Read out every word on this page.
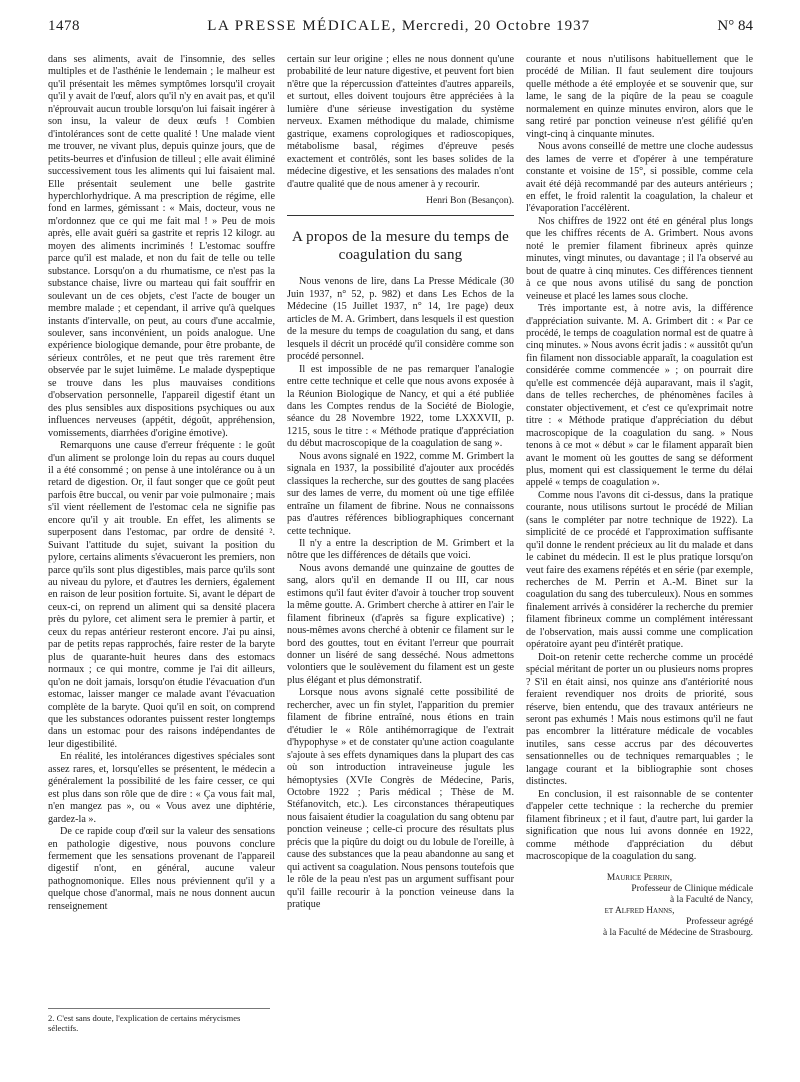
1478	LA PRESSE MÉDICALE, Mercredi, 20 Octobre 1937	N° 84

dans ses aliments, avait de l'insomnie, des selles multiples et de l'asthénie le lendemain ; le malheur est qu'il présentait les mêmes symptômes lorsqu'il croyait qu'il y avait de l'œuf, alors qu'il n'y en avait pas, et qu'il n'éprouvait aucun trouble lorsqu'on lui faisait ingérer à son insu, la valeur de deux œufs ! Combien d'intolérances sont de cette qualité ! Une malade vient me trouver, ne vivant plus, depuis quinze jours, que de petits-beurres et d'infusion de tilleul ; elle avait éliminé successivement tous les aliments qui lui faisaient mal. Elle présentait seulement une belle gastrite hyperchlorhydrique. A ma prescription de régime, elle fond en larmes, gémissant : « Mais, docteur, vous ne m'ordonnez que ce qui me fait mal ! » Peu de mois après, elle avait guéri sa gastrite et repris 12 kilogr. au moyen des aliments incriminés ! L'estomac souffre parce qu'il est malade, et non du fait de telle ou telle substance. Lorsqu'on a du rhumatisme, ce n'est pas la substance chaise, livre ou marteau qui fait souffrir en soulevant un de ces objets, c'est l'acte de bouger un membre malade ; et cependant, il arrive qu'à quelques instants d'intervalle, on peut, au cours d'une accalmie, soulever, sans inconvénient, un poids analogue. Une expérience biologique demande, pour être probante, de sérieux contrôles, et ne peut que très rarement être observée par le sujet luimême. Le malade dyspeptique se trouve dans les plus mauvaises conditions d'observation personnelle, l'appareil digestif étant un des plus sensibles aux dispositions psychiques ou aux influences nerveuses (appétit, dégoût, appréhension, vomissements, diarrhées d'origine émotive).

Remarquons une cause d'erreur fréquente : le goût d'un aliment se prolonge loin du repas au cours duquel il a été consommé ; on pense à une intolérance ou à un retard de digestion. Or, il faut songer que ce goût peut parfois être buccal, ou venir par voie pulmonaire ; mais s'il vient réellement de l'estomac cela ne signifie pas encore qu'il y ait trouble. En effet, les aliments se superposent dans l'estomac, par ordre de densité ². Suivant l'attitude du sujet, suivant la position du pylore, certains aliments s'évacueront les premiers, non parce qu'ils sont plus digestibles, mais parce qu'ils sont au niveau du pylore, et d'autres les derniers, également en raison de leur position fortuite. Si, avant le départ de ceux-ci, on reprend un aliment qui sa densité placera près du pylore, cet aliment sera le premier à partir, et ceux du repas antérieur resteront encore. J'ai pu ainsi, par de petits repas rapprochés, faire rester de la baryte plus de quarante-huit heures dans des estomacs normaux ; ce qui montre, comme je l'ai dit ailleurs, qu'on ne doit jamais, lorsqu'on étudie l'évacuation d'un estomac, laisser manger ce malade avant l'évacuation complète de la baryte. Quoi qu'il en soit, on comprend que les substances odorantes puissent rester longtemps dans un estomac pour des raisons indépendantes de leur digestibilité.

En réalité, les intolérances digestives spéciales sont assez rares, et, lorsqu'elles se présentent, le médecin a généralement la possibilité de les faire cesser, ce qui est plus dans son rôle que de dire : « Ça vous fait mal, n'en mangez pas », ou « Vous avez une diphtérie, gardez-la ».

De ce rapide coup d'œil sur la valeur des sensations en pathologie digestive, nous pouvons conclure fermement que les sensations provenant de l'appareil digestif n'ont, en général, aucune valeur pathognomonique. Elles nous préviennent qu'il y a quelque chose d'anormal, mais ne nous donnent aucun renseignement

certain sur leur origine ; elles ne nous donnent qu'une probabilité de leur nature digestive, et peuvent fort bien n'être que la répercussion d'atteintes d'autres appareils, et surtout, elles doivent toujours être appréciées à la lumière d'une sérieuse investigation du système nerveux. Examen méthodique du malade, chimisme gastrique, examens coprologiques et radioscopiques, métabolisme basal, régimes d'épreuve pesés exactement et contrôlés, sont les bases solides de la médecine digestive, et les sensations des malades n'ont d'autre qualité que de nous amener à y recourir.

Henri Bon (Besançon).
A propos de la mesure du temps de coagulation du sang

Nous venons de lire, dans La Presse Médicale (30 Juin 1937, n° 52, p. 982) et dans Les Echos de la Médecine (15 Juillet 1937, n° 14, 1re page) deux articles de M. A. Grimbert, dans lesquels il est question de la mesure du temps de coagulation du sang, et dans lesquels il décrit un procédé qu'il considère comme son procédé personnel.

Il est impossible de ne pas remarquer l'analogie entre cette technique et celle que nous avons exposée à la Réunion Biologique de Nancy, et qui a été publiée dans les Comptes rendus de la Société de Biologie, séance du 28 Novembre 1922, tome LXXXVII, p. 1215, sous le titre : « Méthode pratique d'appréciation du début macroscopique de la coagulation de sang ».

Nous avons signalé en 1922, comme M. Grimbert la signala en 1937, la possibilité d'ajouter aux procédés classiques la recherche, sur des gouttes de sang placées sur des lames de verre, du moment où une tige effilée entraîne un filament de fibrine. Nous ne connaissons pas d'autres références bibliographiques concernant cette technique.

Il n'y a entre la description de M. Grimbert et la nôtre que les différences de détails que voici.

Nous avons demandé une quinzaine de gouttes de sang, alors qu'il en demande II ou III, car nous estimons qu'il faut éviter d'avoir à toucher trop souvent la même goutte. A. Grimbert cherche à attirer en l'air le filament fibrineux (d'après sa figure explicative) ; nous-mêmes avons cherché à obtenir ce filament sur le bord des gouttes, tout en évitant l'erreur que pourrait donner un liséré de sang desséché. Nous admettons volontiers que le soulèvement du filament est un geste plus élégant et plus démonstratif.

Lorsque nous avons signalé cette possibilité de rechercher, avec un fin stylet, l'apparition du premier filament de fibrine entraîné, nous étions en train d'étudier le « Rôle antihémorragique de l'extrait d'hypophyse » et de constater qu'une action coagulante s'ajoute à ses effets dynamiques dans la plupart des cas où son introduction intraveineuse jugule les hémoptysies (XVIe Congrès de Médecine, Paris, Octobre 1922 ; Paris médical ; Thèse de M. Stéfanovitch, etc.). Les circonstances thérapeutiques nous faisaient étudier la coagulation du sang obtenu par ponction veineuse ; celle-ci procure des résultats plus précis que la piqûre du doigt ou du lobule de l'oreille, à cause des substances que la peau abandonne au sang et qui activent sa coagulation. Nous pensons toutefois que le rôle de la peau n'est pas un argument suffisant pour qu'il faille recourir à la ponction veineuse dans la pratique

courante et nous n'utilisons habituellement que le procédé de Milian. Il faut seulement dire toujours quelle méthode a été employée et se souvenir que, sur lame, le sang de la piqûre de la peau se coagule normalement en quinze minutes environ, alors que le sang retiré par ponction veineuse n'est gélifié qu'en vingt-cinq à cinquante minutes.

Nous avons conseillé de mettre une cloche audessus des lames de verre et d'opérer à une température constante et voisine de 15°, si possible, comme cela avait été déjà recommandé par des auteurs antérieurs ; en effet, le froid ralentit la coagulation, la chaleur et l'évaporation l'accélèrent.

Nos chiffres de 1922 ont été en général plus longs que les chiffres récents de A. Grimbert. Nous avons noté le premier filament fibrineux après quinze minutes, vingt minutes, ou davantage ; il l'a observé au bout de quatre à cinq minutes. Ces différences tiennent à ce que nous avons utilisé du sang de ponction veineuse et placé les lames sous cloche.

Très importante est, à notre avis, la différence d'appréciation suivante. M. A. Grimbert dit : « Par ce procédé, le temps de coagulation normal est de quatre à cinq minutes. » Nous avons écrit jadis : « aussitôt qu'un fin filament non dissociable apparaît, la coagulation est considérée comme commencée » ; on pourrait dire qu'elle est commencée déjà auparavant, mais il s'agit, dans de telles recherches, de phénomènes faciles à constater objectivement, et c'est ce qu'exprimait notre titre : « Méthode pratique d'appréciation du début macroscopique de la coagulation du sang. » Nous tenons à ce mot « début » car le filament apparaît bien avant le moment où les gouttes de sang se déforment plus, moment qui est classiquement le terme du délai appelé « temps de coagulation ».

Comme nous l'avons dit ci-dessus, dans la pratique courante, nous utilisons surtout le procédé de Milian (sans le compléter par notre technique de 1922). La simplicité de ce procédé et l'approximation suffisante qu'il donne le rendent précieux au lit du malade et dans le cabinet du médecin. Il est le plus pratique lorsqu'on veut faire des examens répétés et en série (par exemple, recherches de M. Perrin et A.-M. Binet sur la coagulation du sang des tuberculeux). Nous en sommes finalement arrivés à considérer la recherche du premier filament fibrineux comme un complément intéressant de l'observation, mais aussi comme une complication opératoire ayant peu d'intérêt pratique.

Doit-on retenir cette recherche comme un procédé spécial méritant de porter un ou plusieurs noms propres ? S'il en était ainsi, nos quinze ans d'antériorité nous feraient revendiquer nos droits de priorité, sous réserve, bien entendu, que des travaux antérieurs ne seront pas exhumés ! Mais nous estimons qu'il ne faut pas encombrer la littérature médicale de vocables inutiles, sans cesse accrus par des découvertes sensationnelles ou de techniques remarquables ; le langage courant et la bibliographie sont choses distinctes.

En conclusion, il est raisonnable de se contenter d'appeler cette technique : la recherche du premier filament fibrineux ; et il faut, d'autre part, lui garder la signification que nous lui avons donnée en 1922, comme méthode d'appréciation du début macroscopique de la coagulation du sang.

Maurice Perrin,
Professeur de Clinique médicale
à la Faculté de Nancy,
et Alfred Hanns,
Professeur agrégé
à la Faculté de Médecine de Strasbourg.
2. C'est sans doute, l'explication de certains mérycismes sélectifs.
